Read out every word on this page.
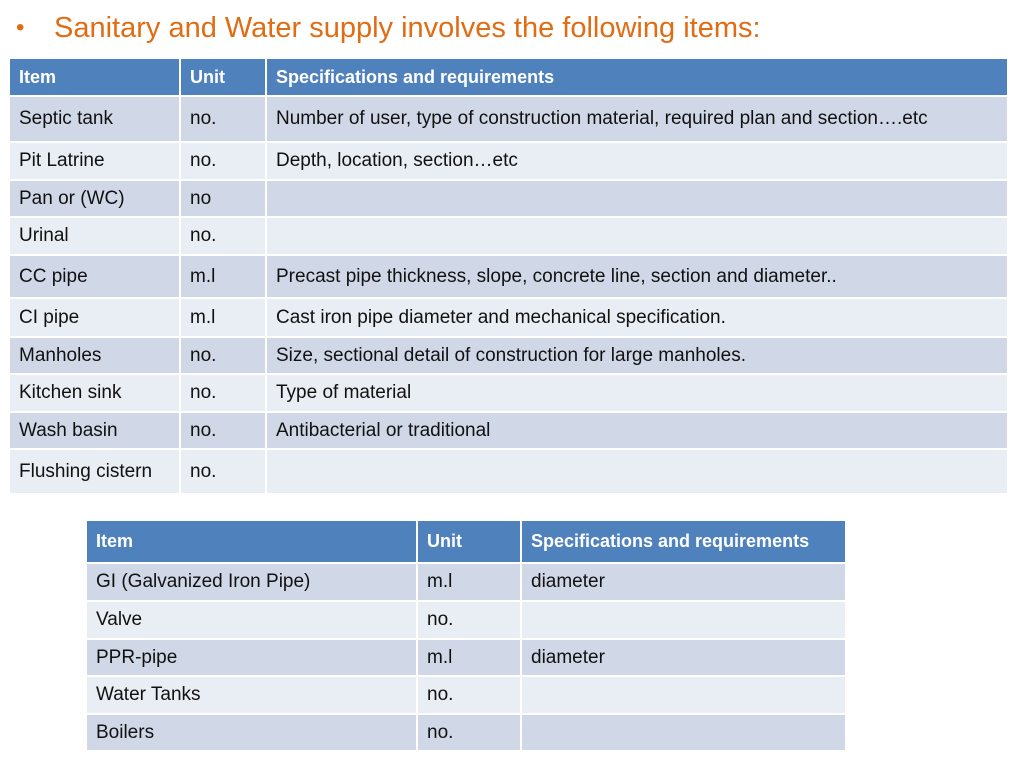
•	Sanitary and Water supply involves the following items:
Item	Unit	Specifications and requirements
Septic tank	no.	Number of user, type of construction material, required plan and section….etc
Pit Latrine	no.	Depth, location, section…etc
Pan or (WC)	no	
Urinal	no.	
CC pipe	m.l	Precast pipe thickness, slope, concrete line, section and diameter..
CI pipe	m.l	Cast iron pipe diameter and mechanical specification.
Manholes	no.	Size, sectional detail of construction for large manholes.
Kitchen sink	no.	Type of material
Wash basin	no.	Antibacterial or traditional
Flushing cistern	no.	
Item	Unit	Specifications and requirements
GI (Galvanized Iron Pipe)	m.l	diameter
Valve	no.	
PPR-pipe	m.l	diameter
Water Tanks	no.	
Boilers	no.	
